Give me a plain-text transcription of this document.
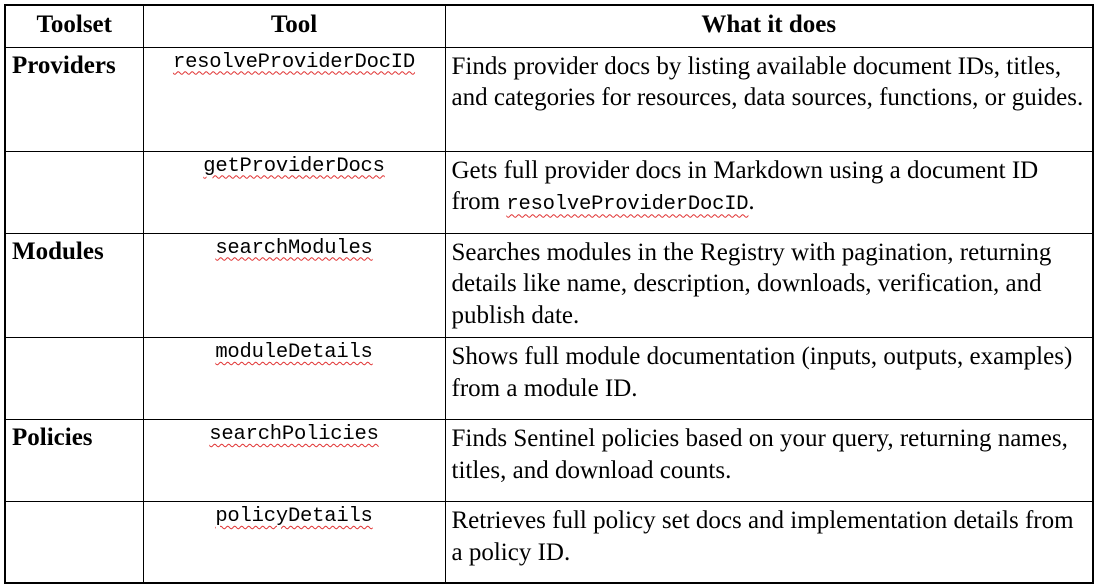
Toolset	Tool	What it does
Providers	resolveProviderDocID	Finds provider docs by listing available document IDs, titles, and categories for resources, data sources, functions, or guides.
	getProviderDocs	Gets full provider docs in Markdown using a document ID from resolveProviderDocID.
Modules	searchModules	Searches modules in the Registry with pagination, returning details like name, description, downloads, verification, and publish date.
	moduleDetails	Shows full module documentation (inputs, outputs, examples) from a module ID.
Policies	searchPolicies	Finds Sentinel policies based on your query, returning names, titles, and download counts.
	policyDetails	Retrieves full policy set docs and implementation details from a policy ID.
